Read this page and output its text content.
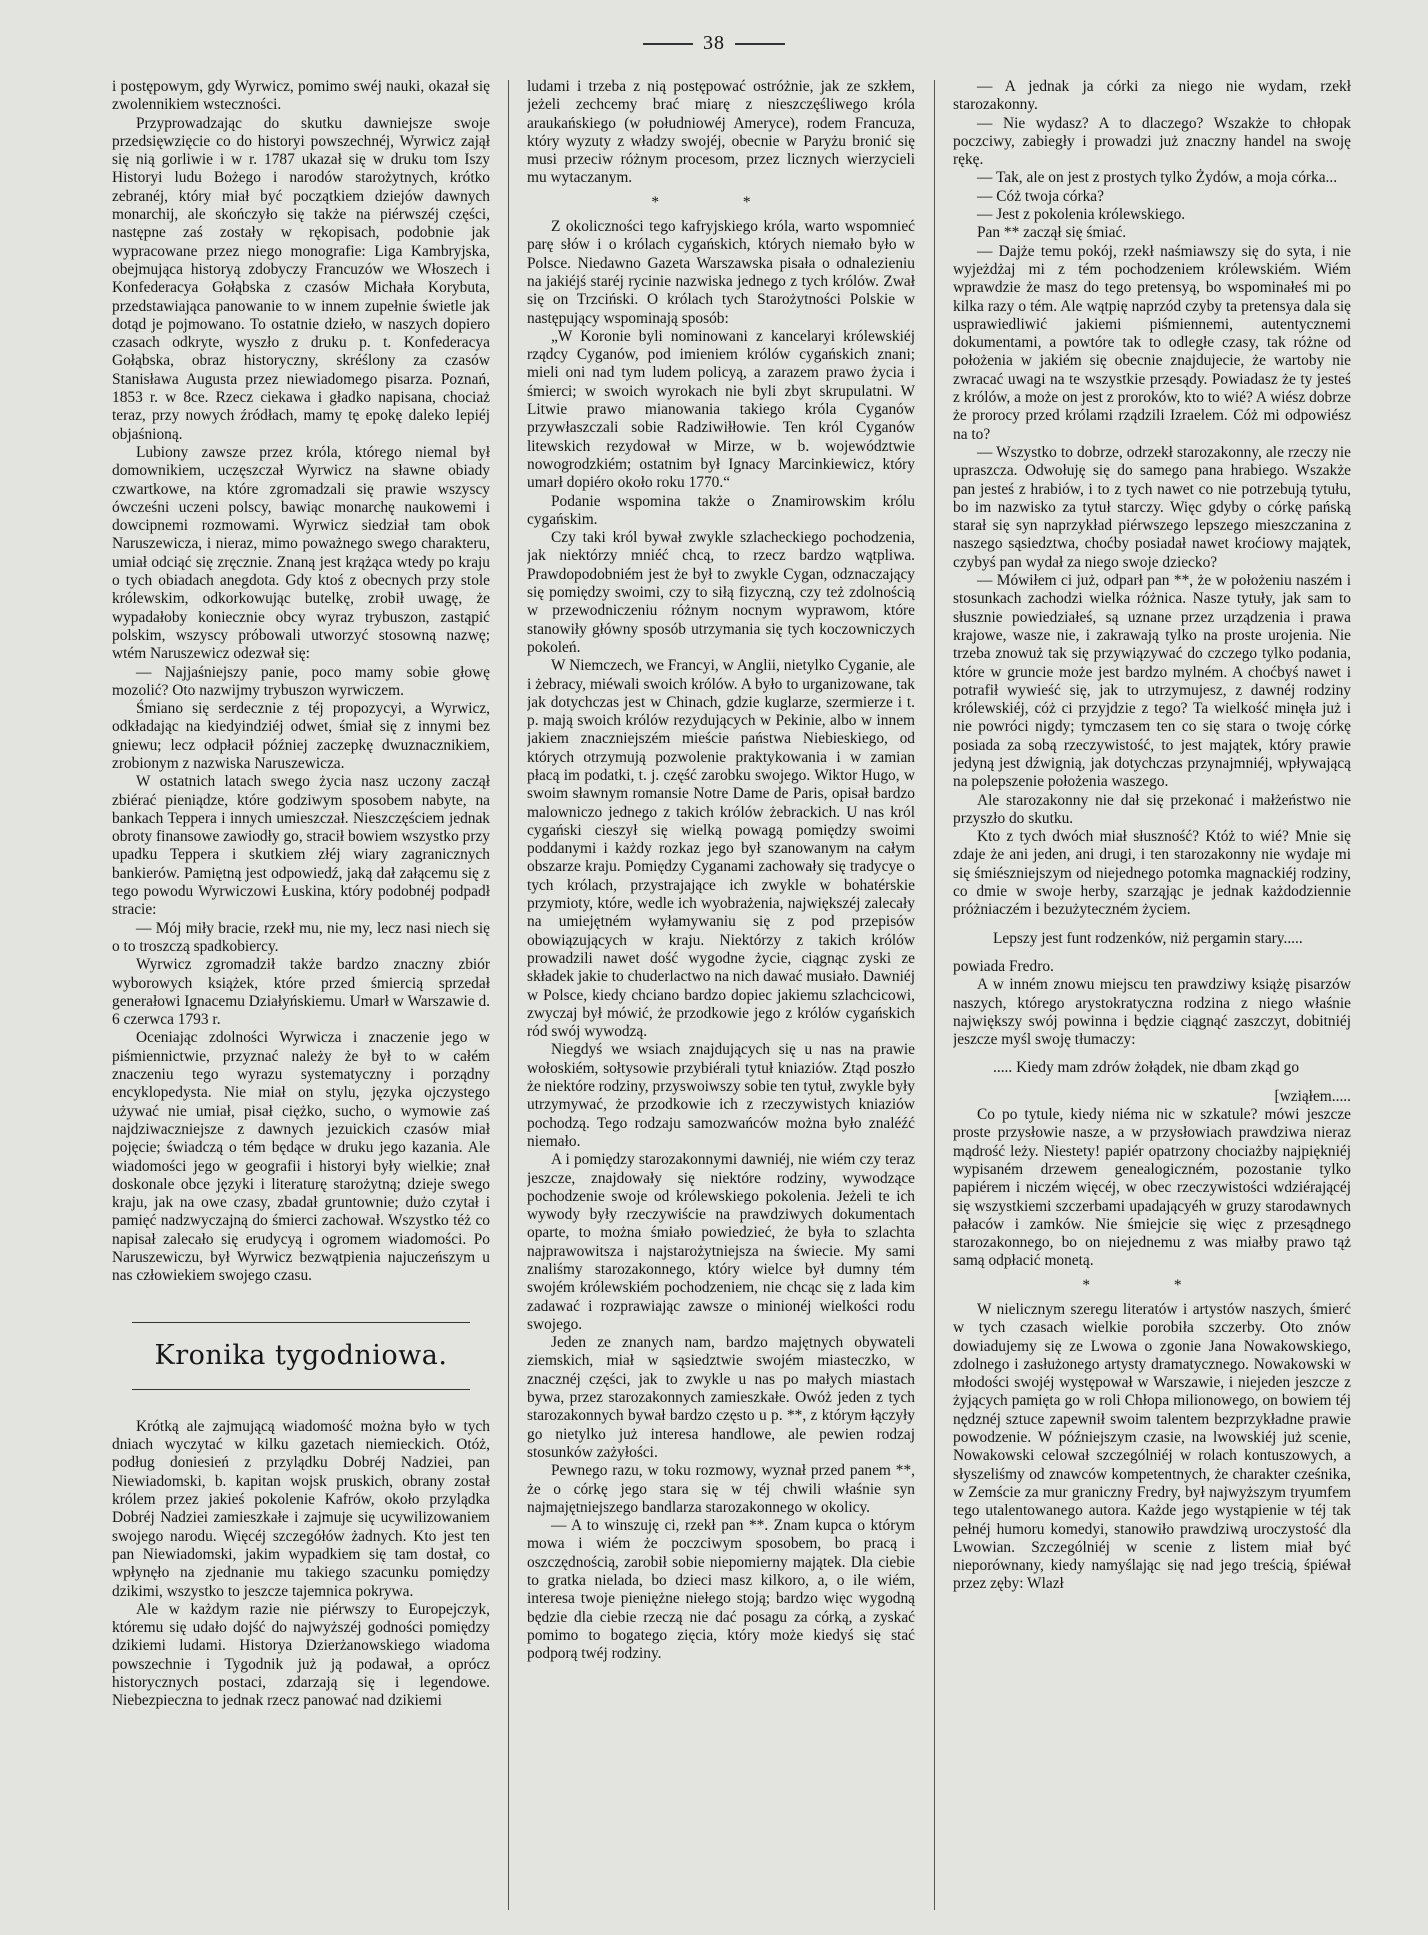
38

i postępowym, gdy Wyrwicz, pomimo swéj nauki, okazał się zwolennikiem wsteczności.

Przyprowadzając do skutku dawniejsze swoje przedsięwzięcie co do historyi powszechnéj, Wyrwicz zajął się nią gorliwie i w r. 1787 ukazał się w druku tom Iszy Historyi ludu Bożego i narodów starożytnych, krótko zebranéj, który miał być początkiem dziejów dawnych monarchij, ale skończyło się także na piérwszéj części, następne zaś zostały w rękopisach, podobnie jak wypracowane przez niego monografie: Liga Kambryjska, obejmująca historyą zdobyczy Francuzów we Włoszech i Konfederacya Gołąbska z czasów Michała Korybuta, przedstawiająca panowanie to w innem zupełnie świetle jak dotąd je pojmowano. To ostatnie dzieło, w naszych dopiero czasach odkryte, wyszło z druku p. t. Konfederacya Gołąbska, obraz historyczny, skréślony za czasów Stanisława Augusta przez niewiadomego pisarza. Poznań, 1853 r. w 8ce. Rzecz ciekawa i gładko napisana, chociaż teraz, przy nowych źródłach, mamy tę epokę daleko lepiéj objaśnioną.

Lubiony zawsze przez króla, którego niemal był domownikiem, uczęszczał Wyrwicz na sławne obiady czwartkowe, na które zgromadzali się prawie wszyscy ówcześni uczeni polscy, bawiąc monarchę naukowemi i dowcipnemi rozmowami. Wyrwicz siedział tam obok Naruszewicza, i nieraz, mimo poważnego swego charakteru, umiał odciąć się zręcznie. Znaną jest krążąca wtedy po kraju o tych obiadach anegdota. Gdy ktoś z obecnych przy stole królewskim, odkorkowując butelkę, zrobił uwagę, że wypadałoby koniecznie obcy wyraz trybuszon, zastąpić polskim, wszyscy próbowali utworzyć stosowną nazwę; wtém Naruszewicz odezwał się:

— Najjaśniejszy panie, poco mamy sobie głowę mozolić? Oto nazwijmy trybuszon wyrwiczem.

Śmiano się serdecznie z téj propozycyi, a Wyrwicz, odkładając na kiedyindziéj odwet, śmiał się z innymi bez gniewu; lecz odpłacił później zaczepkę dwuznacznikiem, zrobionym z nazwiska Naruszewicza.

W ostatnich latach swego życia nasz uczony zaczął zbiérać pieniądze, które godziwym sposobem nabyte, na bankach Teppera i innych umieszczał. Nieszczęściem jednak obroty finansowe zawiodły go, stracił bowiem wszystko przy upadku Teppera i skutkiem złéj wiary zagranicznych bankierów. Pamiętną jest odpowiedź, jaką dał załącemu się z tego powodu Wyrwiczowi Łuskina, który podobnéj podpadł stracie:

— Mój miły bracie, rzekł mu, nie my, lecz nasi niech się o to troszczą spadkobiercy.

Wyrwicz zgromadził także bardzo znaczny zbiór wyborowych książek, które przed śmiercią sprzedał generałowi Ignacemu Działyńskiemu. Umarł w Warszawie d. 6 czerwca 1793 r.

Oceniając zdolności Wyrwicza i znaczenie jego w piśmiennictwie, przyznać należy że był to w całém znaczeniu tego wyrazu systematyczny i porządny encyklopedysta. Nie miał on stylu, języka ojczystego używać nie umiał, pisał ciężko, sucho, o wymowie zaś najdziwaczniejsze z dawnych jezuickich czasów miał pojęcie; świadczą o tém będące w druku jego kazania. Ale wiadomości jego w geografii i historyi były wielkie; znał doskonale obce języki i literaturę starożytną; dzieje swego kraju, jak na owe czasy, zbadał gruntownie; dużo czytał i pamięć nadzwyczajną do śmierci zachował. Wszystko téż co napisał zalecało się erudycyą i ogromem wiadomości. Po Naruszewiczu, był Wyrwicz bezwątpienia najuczeńszym u nas człowiekiem swojego czasu.

Kronika tygodniowa.

Krótką ale zajmującą wiadomość można było w tych dniach wyczytać w kilku gazetach niemieckich. Otóż, podług doniesień z przylądku Dobréj Nadziei, pan Niewiadomski, b. kapitan wojsk pruskich, obrany został królem przez jakieś pokolenie Kafrów, około przylądka Dobréj Nadziei zamieszkałe i zajmuje się ucywilizowaniem swojego narodu. Więcéj szczegółów żadnych. Kto jest ten pan Niewiadomski, jakim wypadkiem się tam dostał, co wpłynęło na zjednanie mu takiego szacunku pomiędzy dzikimi, wszystko to jeszcze tajemnica pokrywa.

Ale w każdym razie nie piérwszy to Europejczyk, któremu się udało dojść do najwyższéj godności pomiędzy dzikiemi ludami. Historya Dzierżanowskiego wiadoma powszechnie i Tygodnik już ją podawał, a oprócz historycznych postaci, zdarzają się i legendowe. Niebezpieczna to jednak rzecz panować nad dzikiemi

ludami i trzeba z nią postępować ostróżnie, jak ze szkłem, jeżeli zechcemy brać miarę z nieszczęśliwego króla araukańskiego (w południowéj Ameryce), rodem Francuza, który wyzuty z władzy swojéj, obecnie w Paryżu bronić się musi przeciw różnym procesom, przez licznych wierzycieli mu wytaczanym.

* *

Z okoliczności tego kafryjskiego króla, warto wspomnieć parę słów i o królach cygańskich, których niemało było w Polsce. Niedawno Gazeta Warszawska pisała o odnalezieniu na jakiéjś staréj rycinie nazwiska jednego z tych królów. Zwał się on Trzciński. O królach tych Starożytności Polskie w następujący wspominają sposób:

„W Koronie byli nominowani z kancelaryi królewskiéj rządcy Cyganów, pod imieniem królów cygańskich znani; mieli oni nad tym ludem policyą, a zarazem prawo życia i śmierci; w swoich wyrokach nie byli zbyt skrupulatni. W Litwie prawo mianowania takiego króla Cyganów przywłaszczali sobie Radziwiłłowie. Ten król Cyganów litewskich rezydował w Mirze, w b. województwie nowogrodzkiém; ostatnim był Ignacy Marcinkiewicz, który umarł dopiéro około roku 1770.“

Podanie wspomina także o Znamirowskim królu cygańskim.

Czy taki król bywał zwykle szlacheckiego pochodzenia, jak niektórzy mniéć chcą, to rzecz bardzo wątpliwa. Prawdopodobniém jest że był to zwykle Cygan, odznaczający się pomiędzy swoimi, czy to siłą fizyczną, czy też zdolnością w przewodniczeniu różnym nocnym wyprawom, które stanowiły główny sposób utrzymania się tych koczowniczych pokoleń.

W Niemczech, we Francyi, w Anglii, nietylko Cyganie, ale i żebracy, miéwali swoich królów. A było to urganizowane, tak jak dotychczas jest w Chinach, gdzie kuglarze, szermierze i t. p. mają swoich królów rezydujących w Pekinie, albo w innem jakiem znaczniejszém mieście państwa Niebieskiego, od których otrzymują pozwolenie praktykowania i w zamian płacą im podatki, t. j. część zarobku swojego. Wiktor Hugo, w swoim sławnym romansie Notre Dame de Paris, opisał bardzo malowniczo jednego z takich królów żebrackich. U nas król cygański cieszył się wielką powagą pomiędzy swoimi poddanymi i każdy rozkaz jego był szanowanym na całym obszarze kraju. Pomiędzy Cyganami zachowały się tradycye o tych królach, przystrajające ich zwykle w bohatérskie przymioty, które, wedle ich wyobrażenia, największéj zalecały na umiejętném wyłamywaniu się z pod przepisów obowiązujących w kraju. Niektórzy z takich królów prowadzili nawet dość wygodne życie, ciągnąc zyski ze składek jakie to chuderlactwo na nich dawać musiało. Dawniéj w Polsce, kiedy chciano bardzo dopiec jakiemu szlachcicowi, zwyczaj był mówić, że przodkowie jego z królów cygańskich ród swój wywodzą.

Niegdyś we wsiach znajdujących się u nas na prawie wołoskiém, sołtysowie przybiérali tytuł kniaziów. Ztąd poszło że niektóre rodziny, przyswoiwszy sobie ten tytuł, zwykle były utrzymywać, że przodkowie ich z rzeczywistych kniaziów pochodzą. Tego rodzaju samozwańców można było znaléźć niemało.

A i pomiędzy starozakonnymi dawniéj, nie wiém czy teraz jeszcze, znajdowały się niektóre rodziny, wywodzące pochodzenie swoje od królewskiego pokolenia. Jeżeli te ich wywody były rzeczywiście na prawdziwych dokumentach oparte, to można śmiało powiedzieć, że była to szlachta najprawowitsza i najstarożytniejsza na świecie. My sami znaliśmy starozakonnego, który wielce był dumny tém swojém królewskiém pochodzeniem, nie chcąc się z lada kim zadawać i rozprawiając zawsze o minionéj wielkości rodu swojego.

Jeden ze znanych nam, bardzo majętnych obywateli ziemskich, miał w sąsiedztwie swojém miasteczko, w znacznéj części, jak to zwykle u nas po małych miastach bywa, przez starozakonnych zamieszkałe. Owóż jeden z tych starozakonnych bywał bardzo często u p. **, z którym łączyły go nietylko już interesa handlowe, ale pewien rodzaj stosunków zażyłości.

Pewnego razu, w toku rozmowy, wyznał przed panem **, że o córkę jego stara się w téj chwili właśnie syn najmajętniejszego bandlarza starozakonnego w okolicy.

— A to winszuję ci, rzekł pan **. Znam kupca o którym mowa i wiém że poczciwym sposobem, bo pracą i oszczędnością, zarobił sobie niepomierny majątek. Dla ciebie to gratka nielada, bo dzieci masz kilkoro, a, o ile wiém, interesa twoje pieniężne niełego stoją; bardzo więc wygodną będzie dla ciebie rzeczą nie dać posagu za córką, a zyskać pomimo to bogatego zięcia, który może kiedyś się stać podporą twéj rodziny.

— A jednak ja córki za niego nie wydam, rzekł starozakonny.

— Nie wydasz? A to dlaczego? Wszakże to chłopak poczciwy, zabiegły i prowadzi już znaczny handel na swoję rękę.

— Tak, ale on jest z prostych tylko Żydów, a moja córka...

— Cóż twoja córka?

— Jest z pokolenia królewskiego.

Pan ** zaczął się śmiać.

— Dajże temu pokój, rzekł naśmiawszy się do syta, i nie wyjeżdżaj mi z tém pochodzeniem królewskiém. Wiém wprawdzie że masz do tego pretensyą, bo wspominałeś mi po kilka razy o tém. Ale wątpię naprzód czyby ta pretensya dala się usprawiedliwić jakiemi piśmiennemi, autentycznemi dokumentami, a powtóre tak to odległe czasy, tak różne od położenia w jakiém się obecnie znajdujecie, że wartoby nie zwracać uwagi na te wszystkie przesądy. Powiadasz że ty jesteś z królów, a może on jest z proroków, kto to wié? A wiész dobrze że prorocy przed królami rządzili Izraelem. Cóż mi odpowiész na to?

— Wszystko to dobrze, odrzekł starozakonny, ale rzeczy nie upraszcza. Odwołuję się do samego pana hrabiego. Wszakże pan jesteś z hrabiów, i to z tych nawet co nie potrzebują tytułu, bo im nazwisko za tytuł starczy. Więc gdyby o córkę pańską starał się syn naprzykład piérwszego lepszego mieszczanina z naszego sąsiedztwa, choćby posiadał nawet kroćiowy majątek, czybyś pan wydał za niego swoje dziecko?

— Mówiłem ci już, odparł pan **, że w położeniu naszém i stosunkach zachodzi wielka różnica. Nasze tytuły, jak sam to słusznie powiedziałeś, są uznane przez urządzenia i prawa krajowe, wasze nie, i zakrawają tylko na proste urojenia. Nie trzeba znowuż tak się przywiązywać do czczego tylko podania, które w gruncie może jest bardzo mylném. A choćbyś nawet i potrafił wywieść się, jak to utrzymujesz, z dawnéj rodziny królewskiéj, cóż ci przyjdzie z tego? Ta wielkość minęła już i nie powróci nigdy; tymczasem ten co się stara o twoję córkę posiada za sobą rzeczywistość, to jest majątek, który prawie jedyną jest dźwignią, jak dotychczas przynajmniéj, wpływającą na polepszenie położenia waszego.

Ale starozakonny nie dał się przekonać i małżeństwo nie przyszło do skutku.

Kto z tych dwóch miał słuszność? Któż to wié? Mnie się zdaje że ani jeden, ani drugi, i ten starozakonny nie wydaje mi się śmiészniejszym od niejednego potomka magnackiéj rodziny, co dmie w swoje herby, szarząjąc je jednak każdodziennie próżniaczém i bezużyteczném życiem.

Lepszy jest funt rodzenków, niż pergamin stary.....

powiada Fredro.

A w inném znowu miejscu ten prawdziwy książę pisarzów naszych, którego arystokratyczna rodzina z niego właśnie największy swój powinna i będzie ciągnąć zaszczyt, dobitniéj jeszcze myśl swoję tłumaczy:

..... Kiedy mam zdrów żołądek, nie dbam zkąd go

[wziąłem.....

Co po tytule, kiedy niéma nic w szkatule? mówi jeszcze proste przysłowie nasze, a w przysłowiach prawdziwa nieraz mądrość leży. Niestety! papiér opatrzony chociażby najpiękniéj wypisaném drzewem genealogiczném, pozostanie tylko papiérem i niczém więcéj, w obec rzeczywistości wdziérającéj się wszystkiemi szczerbami upadającyéh w gruzy starodawnych pałaców i zamków. Nie śmiejcie się więc z przesądnego starozakonnego, bo on niejednemu z was miałby prawo tąż samą odpłacić monetą.

* *

W nielicznym szeregu literatów i artystów naszych, śmierć w tych czasach wielkie porobiła szczerby. Oto znów dowiadujemy się ze Lwowa o zgonie Jana Nowakowskiego, zdolnego i zasłużonego artysty dramatycznego. Nowakowski w młodości swojéj występował w Warszawie, i niejeden jeszcze z żyjących pamięta go w roli Chłopa milionowego, on bowiem téj nędznéj sztuce zapewnił swoim talentem bezprzykładne prawie powodzenie. W późniejszym czasie, na lwowskiéj już scenie, Nowakowski celował szczególniéj w rolach kontuszowych, a słyszeliśmy od znawców kompetentnych, że charakter cześnika, w Zemście za mur graniczny Fredry, był najwyższym tryumfem tego utalentowanego autora. Każde jego wystąpienie w téj tak pełnéj humoru komedyi, stanowiło prawdziwą uroczystość dla Lwowian. Szczególniéj w scenie z listem miał być nieporównany, kiedy namyślając się nad jego treścią, śpiéwał przez zęby: Wlazł
